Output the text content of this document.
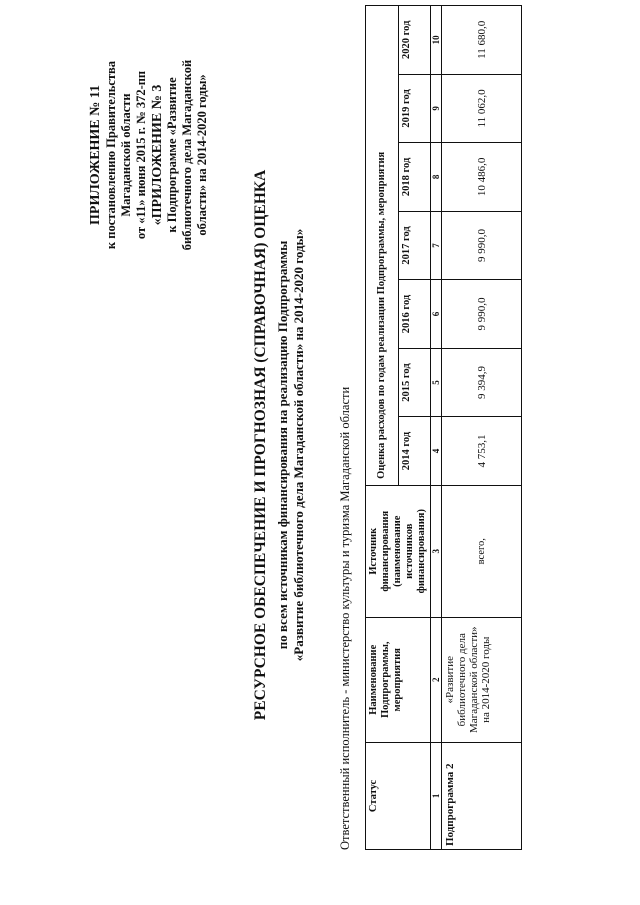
ПРИЛОЖЕНИЕ № 11 к постановлению Правительства Магаданской области от «11» июня 2015 г. № 372-пп «ПРИЛОЖЕНИЕ № 3 к Подпрограмме «Развитие библиотечного дела Магаданской области» на 2014-2020 годы»
РЕСУРСНОЕ ОБЕСПЕЧЕНИЕ И ПРОГНОЗНАЯ (СПРАВОЧНАЯ) ОЦЕНКА по всем источникам финансирования на реализацию Подпрограммы «Развитие библиотечного дела Магаданской области» на 2014-2020 годы»	Ответственный исполнитель - министерство культуры и туризма Магаданской области Статус	Наименование Подпрограммы, мероприятия	Источник финансирования (наименование источников финансирования)	Оценка расходов по годам реализации Подпрограммы, мероприятия						
			2014 год	2015 год	2016 год	2017 год	2018 год	2019 год	2020 год
1	2	3	4	5	6	7	8	9	10
Подпрограмма 2	«Развитие библиотечного дела Магаданской области» на 2014-2020 годы	всего,	4 753,1	9 394,9	9 990,0	9 990,0	10 486,0	11 062,0	11 680,0
